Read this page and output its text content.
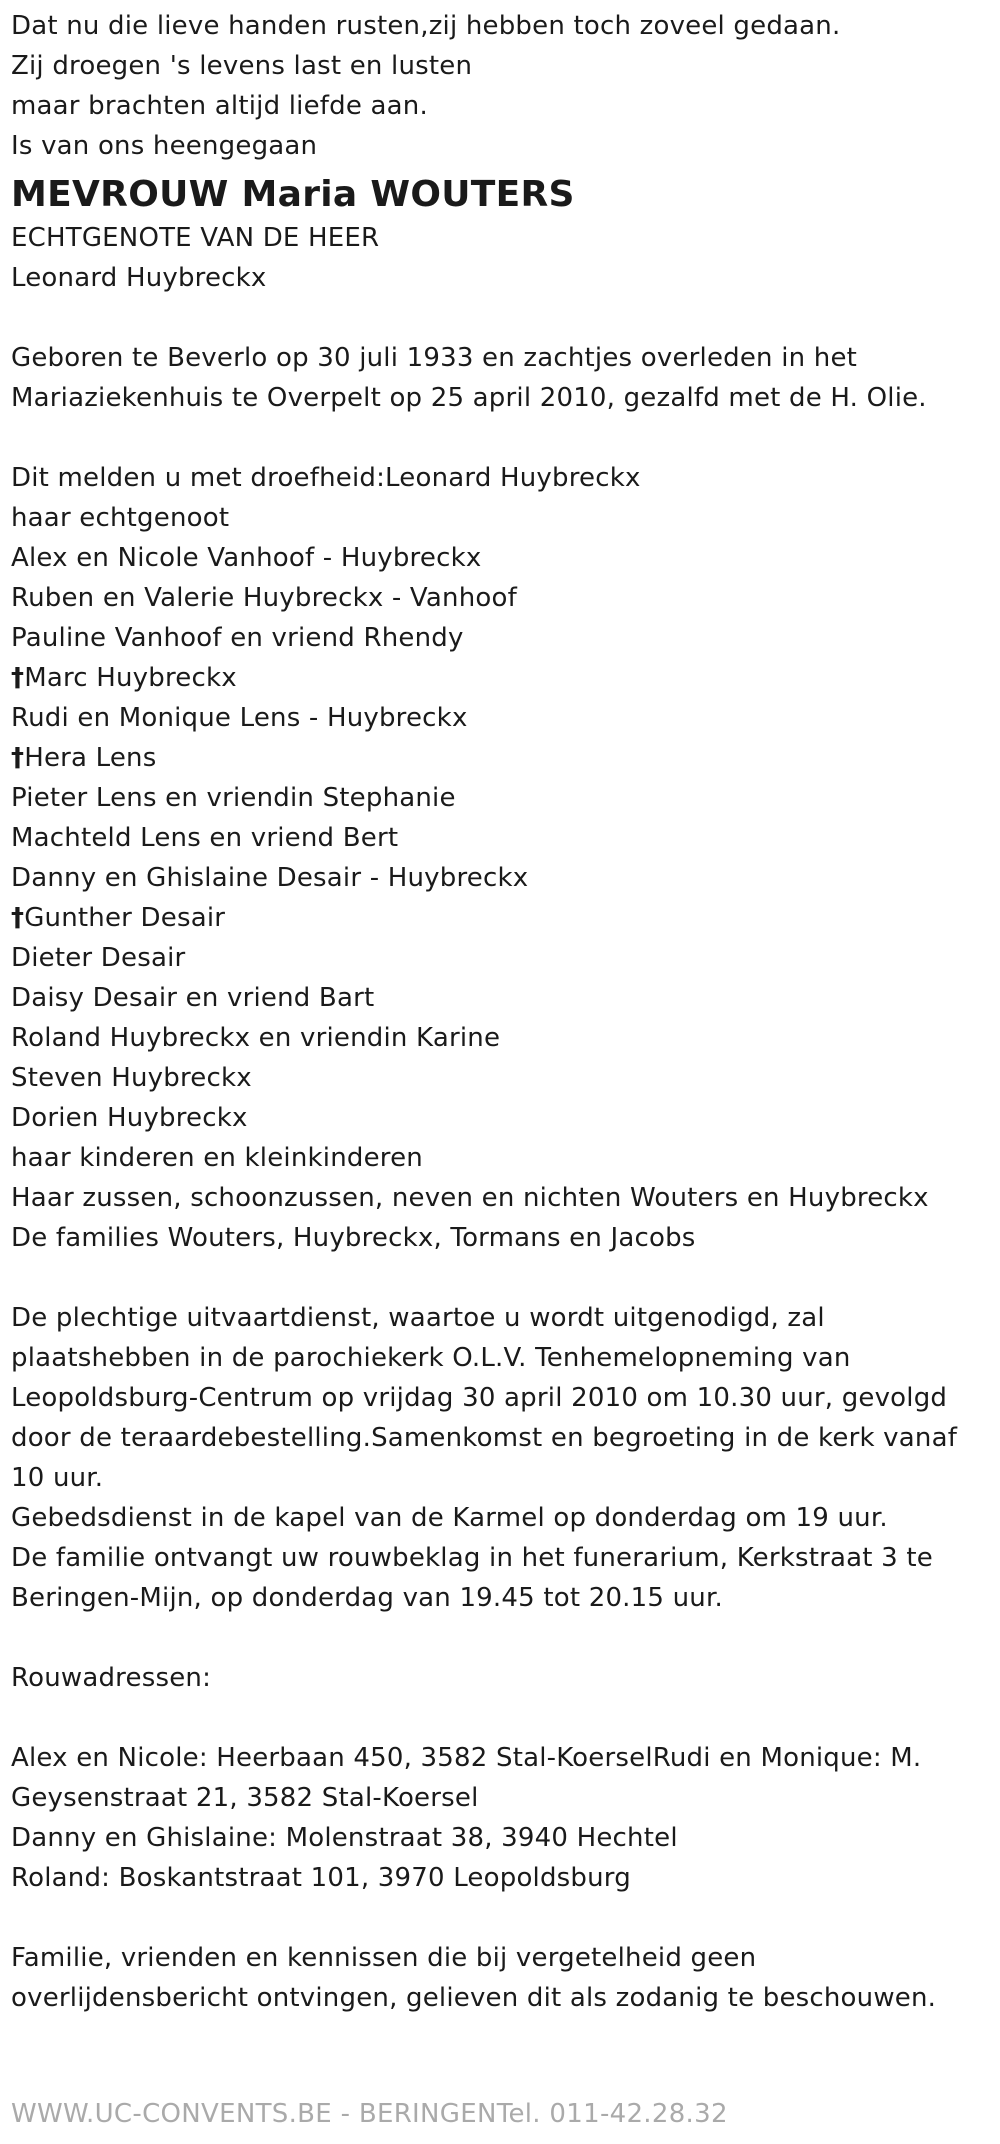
Dat nu die lieve handen rusten,zij hebben toch zoveel gedaan.
Zij droegen 's levens last en lusten
maar brachten altijd liefde aan.
Is van ons heengegaan
MEVROUW Maria WOUTERS
ECHTGENOTE VAN DE HEER
Leonard Huybreckx
Geboren te Beverlo op 30 juli 1933 en zachtjes overleden in het
Mariaziekenhuis te Overpelt op 25 april 2010, gezalfd met de H. Olie.
Dit melden u met droefheid:Leonard Huybreckx
haar echtgenoot
Alex en Nicole Vanhoof - Huybreckx
Ruben en Valerie Huybreckx - Vanhoof
Pauline Vanhoof en vriend Rhendy
†Marc Huybreckx
Rudi en Monique Lens - Huybreckx
†Hera Lens
Pieter Lens en vriendin Stephanie
Machteld Lens en vriend Bert
Danny en Ghislaine Desair - Huybreckx
†Gunther Desair
Dieter Desair
Daisy Desair en vriend Bart
Roland Huybreckx en vriendin Karine
Steven Huybreckx
Dorien Huybreckx
haar kinderen en kleinkinderen
Haar zussen, schoonzussen, neven en nichten Wouters en Huybreckx
De families Wouters, Huybreckx, Tormans en Jacobs
De plechtige uitvaartdienst, waartoe u wordt uitgenodigd, zal
plaatshebben in de parochiekerk O.L.V. Tenhemelopneming van
Leopoldsburg-Centrum op vrijdag 30 april 2010 om 10.30 uur, gevolgd
door de teraardebestelling.Samenkomst en begroeting in de kerk vanaf
10 uur.
Gebedsdienst in de kapel van de Karmel op donderdag om 19 uur.
De familie ontvangt uw rouwbeklag in het funerarium, Kerkstraat 3 te
Beringen-Mijn, op donderdag van 19.45 tot 20.15 uur.
Rouwadressen:
Alex en Nicole: Heerbaan 450, 3582 Stal-KoerselRudi en Monique: M.
Geysenstraat 21, 3582 Stal-Koersel
Danny en Ghislaine: Molenstraat 38, 3940 Hechtel
Roland: Boskantstraat 101, 3970 Leopoldsburg
Familie, vrienden en kennissen die bij vergetelheid geen
overlijdensbericht ontvingen, gelieven dit als zodanig te beschouwen.
WWW.UC-CONVENTS.BE - BERINGENTel. 011-42.28.32
